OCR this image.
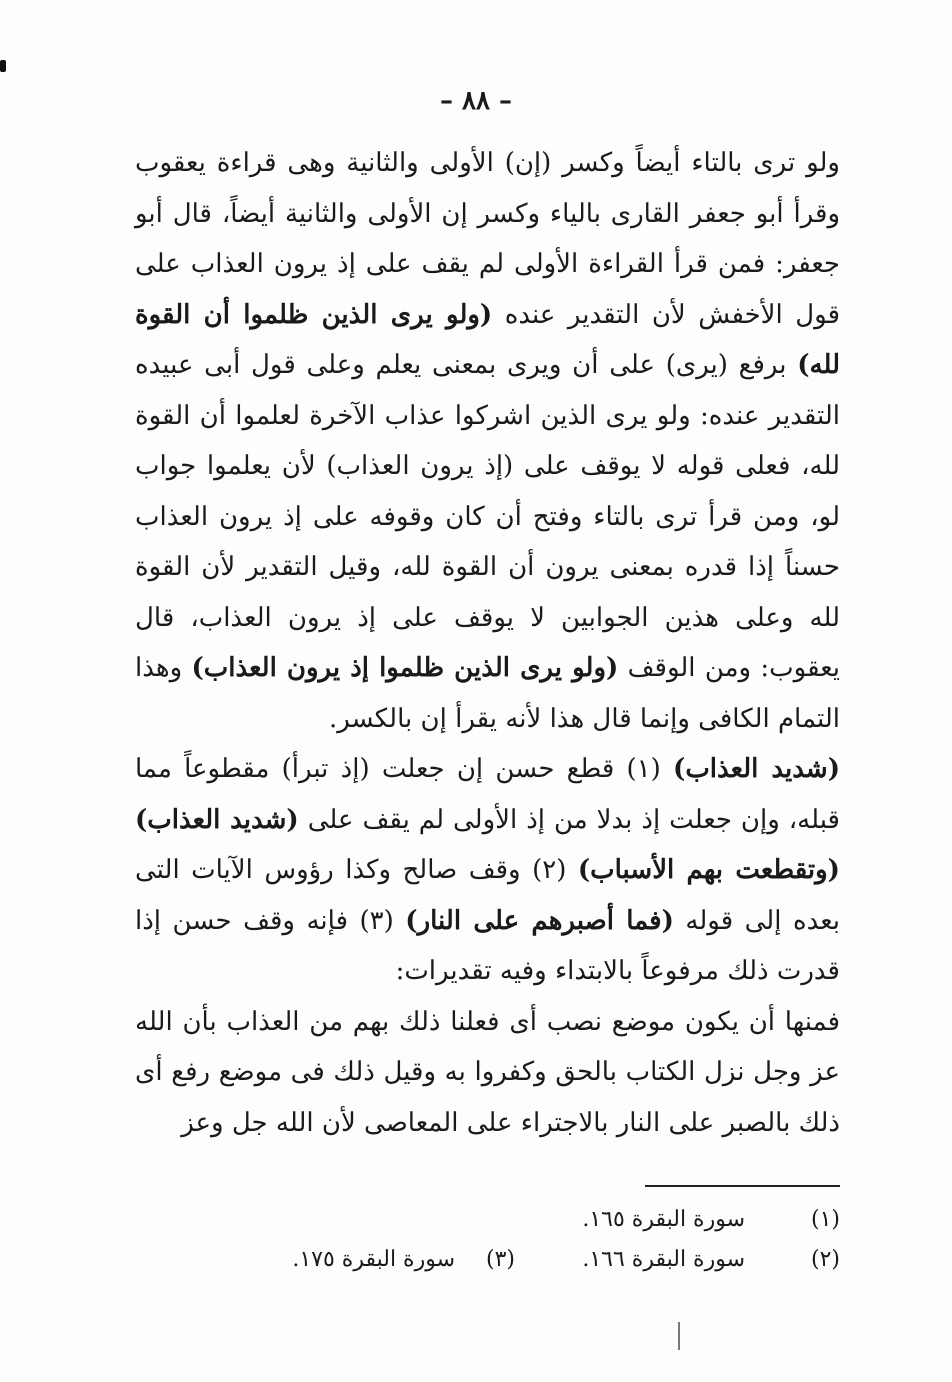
– ٨٨ –

ولو ترى بالتاء أيضاً وكسر (إن) الأولى والثانية وهى قراءة يعقوب وقرأ أبو جعفر القارى بالياء وكسر إن الأولى والثانية أيضاً، قال أبو جعفر: فمن قرأ القراءة الأولى لم يقف على إذ يرون العذاب على قول الأخفش لأن التقدير عنده (ولو يرى الذين ظلموا أن القوة لله) برفع (يرى) على أن ويرى بمعنى يعلم وعلى قول أبى عبيده التقدير عنده: ولو يرى الذين اشركوا عذاب الآخرة لعلموا أن القوة لله، فعلى قوله لا يوقف على (إذ يرون العذاب) لأن يعلموا جواب لو، ومن قرأ ترى بالتاء وفتح أن كان وقوفه على إذ يرون العذاب حسناً إذا قدره بمعنى يرون أن القوة لله، وقيل التقدير لأن القوة لله وعلى هذين الجوابين لا يوقف على إذ يرون العذاب، قال يعقوب: ومن الوقف (ولو يرى الذين ظلموا إذ يرون العذاب) وهذا التمام الكافى وإنما قال هذا لأنه يقرأ إن بالكسر.

(شديد العذاب) (١) قطع حسن إن جعلت (إذ تبرأ) مقطوعاً مما قبله، وإن جعلت إذ بدلا من إذ الأولى لم يقف على (شديد العذاب) (وتقطعت بهم الأسباب) (٢) وقف صالح وكذا رؤوس الآيات التى بعده إلى قوله (فما أصبرهم على النار) (٣) فإنه وقف حسن إذا قدرت ذلك مرفوعاً بالابتداء وفيه تقديرات:

فمنها أن يكون موضع نصب أى فعلنا ذلك بهم من العذاب بأن الله عز وجل نزل الكتاب بالحق وكفروا به وقيل ذلك فى موضع رفع أى ذلك بالصبر على النار بالاجتراء على المعاصى لأن الله جل وعز

(١)
سورة البقرة ١٦٥.
(٢)
سورة البقرة ١٦٦.
(٣)
سورة البقرة ١٧٥.
